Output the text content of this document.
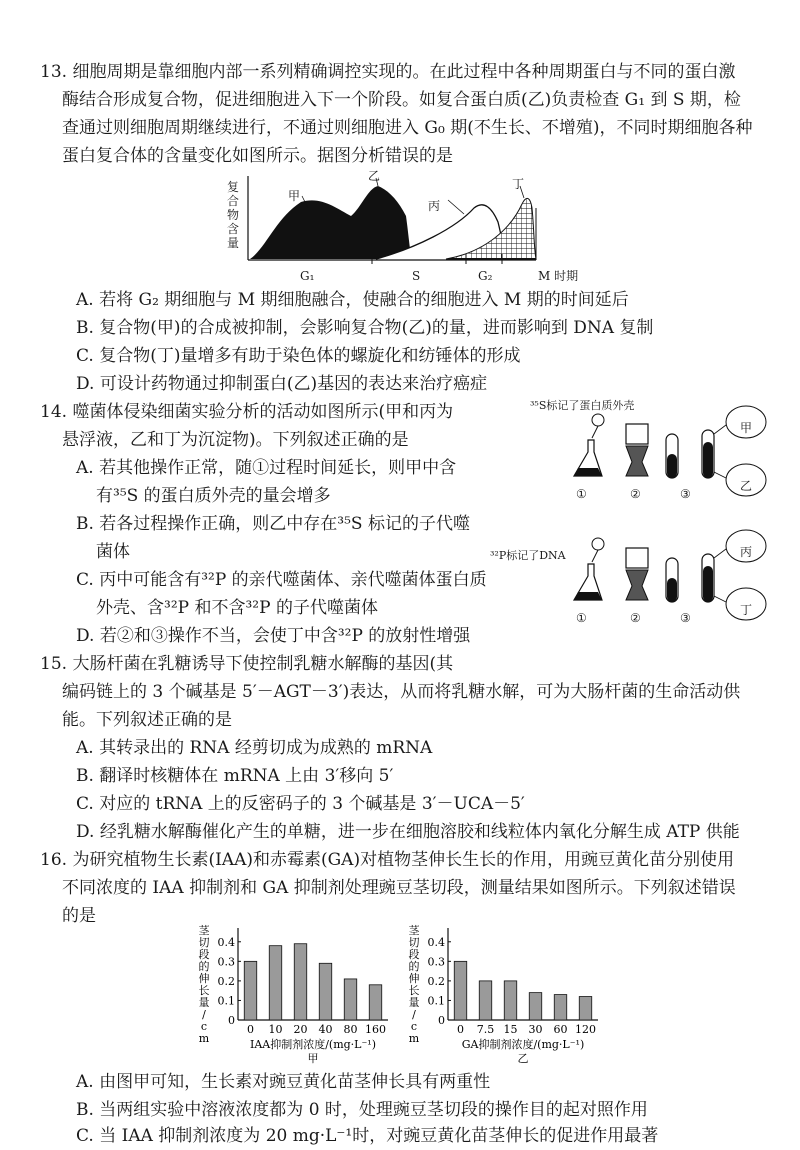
13. 细胞周期是靠细胞内部一系列精确调控实现的。在此过程中各种周期蛋白与不同的蛋白激
酶结合形成复合物，促进细胞进入下一个阶段。如复合蛋白质(乙)负责检查 G₁ 到 S 期，检
查通过则细胞周期继续进行，不通过则细胞进入 G₀ 期(不生长、不增殖)，不同时期细胞各种
蛋白复合体的含量变化如图所示。据图分析错误的是
复合物含量
甲
乙
丙
丁
G₁	S	G₂	M 时期
A. 若将 G₂ 期细胞与 M 期细胞融合，使融合的细胞进入 M 期的时间延后
B. 复合物(甲)的合成被抑制，会影响复合物(乙)的量，进而影响到 DNA 复制
C. 复合物(丁)量增多有助于染色体的螺旋化和纺锤体的形成
D. 可设计药物通过抑制蛋白(乙)基因的表达来治疗癌症
14. 噬菌体侵染细菌实验分析的活动如图所示(甲和丙为
悬浮液，乙和丁为沉淀物)。下列叙述正确的是
A. 若其他操作正常，随①过程时间延长，则甲中含
有³⁵S 的蛋白质外壳的量会增多
B. 若各过程操作正确，则乙中存在³⁵S 标记的子代噬
菌体
C. 丙中可能含有³²P 的亲代噬菌体、亲代噬菌体蛋白质
外壳、含³²P 和不含³²P 的子代噬菌体
D. 若②和③操作不当，会使丁中含³²P 的放射性增强
³⁵S标记了蛋白质外壳
①	②	③
甲
乙
³²P标记了DNA
①	②	③
丙
丁
15. 大肠杆菌在乳糖诱导下使控制乳糖水解酶的基因(其
编码链上的 3 个碱基是 5′－AGT－3′)表达，从而将乳糖水解，可为大肠杆菌的生命活动供
能。下列叙述正确的是
A. 其转录出的 RNA 经剪切成为成熟的 mRNA
B. 翻译时核糖体在 mRNA 上由 3′移向 5′
C. 对应的 tRNA 上的反密码子的 3 个碱基是 3′－UCA－5′
D. 经乳糖水解酶催化产生的单糖，进一步在细胞溶胶和线粒体内氧化分解生成 ATP 供能
16. 为研究植物生长素(IAA)和赤霉素(GA)对植物茎伸长生长的作用，用豌豆黄化苗分别使用
不同浓度的 IAA 抑制剂和 GA 抑制剂处理豌豆茎切段，测量结果如图所示。下列叙述错误
的是
茎
切
段
的
伸
长
量
/
c
m
0
0.1
0.2
0.3
0.4
0 10 20 40 80 160
IAA抑制剂浓度/(mg·L⁻¹)
甲
茎
切
段
的
伸
长
量
/
c
m
0
0.1
0.2
0.3
0.4
0 7.5 15 30 60 120
GA抑制剂浓度/(mg·L⁻¹)
乙
A. 由图甲可知，生长素对豌豆黄化苗茎伸长具有两重性
B. 当两组实验中溶液浓度都为 0 时，处理豌豆茎切段的操作目的起对照作用
C. 当 IAA 抑制剂浓度为 20 mg·L⁻¹时，对豌豆黄化苗茎伸长的促进作用最著
